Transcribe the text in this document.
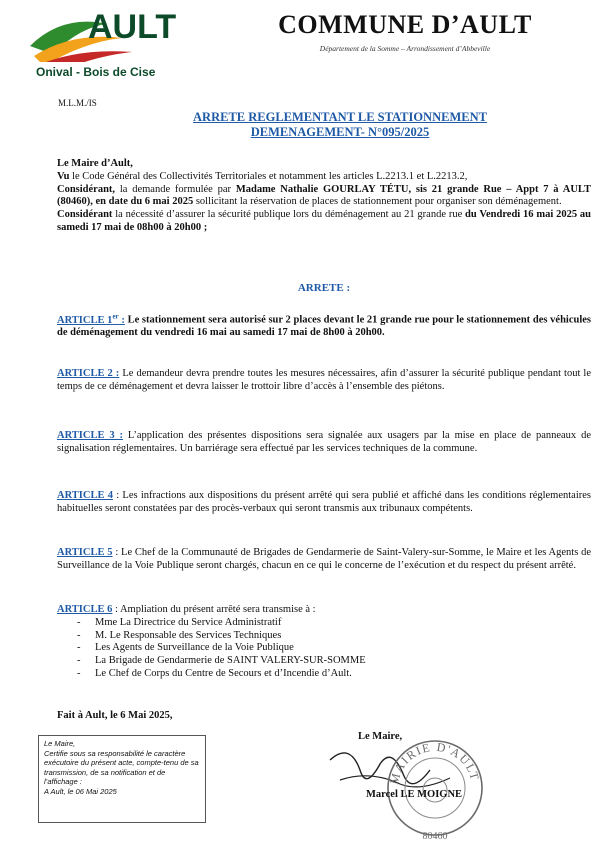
AULT
Onival - Bois de Cise
COMMUNE D’AULT
Département de la Somme – Arrondissement d’Abbeville
M.L.M./IS
ARRETE REGLEMENTANT LE STATIONNEMENT
DEMENAGEMENT- N°095/2025
Le Maire d’Ault,
Vu le Code Général des Collectivités Territoriales et notamment les articles L.2213.1 et L.2213.2,
Considérant, la demande formulée par Madame Nathalie GOURLAY TÉTU, sis 21 grande Rue – Appt 7 à AULT (80460), en date du 6 mai 2025 sollicitant la réservation de places de stationnement pour organiser son déménagement.
Considérant la nécessité d’assurer la sécurité publique lors du déménagement au 21 grande rue du Vendredi 16 mai 2025 au samedi 17 mai de 08h00 à 20h00 ;
ARRETE :
ARTICLE 1er : Le stationnement sera autorisé sur 2 places devant le 21 grande rue pour le stationnement des véhicules de déménagement du vendredi 16 mai au samedi 17 mai de 8h00 à 20h00.
ARTICLE 2 : Le demandeur devra prendre toutes les mesures nécessaires, afin d’assurer la sécurité publique pendant tout le temps de ce déménagement et devra laisser le trottoir libre d’accès à l’ensemble des piétons.
ARTICLE 3 : L’application des présentes dispositions sera signalée aux usagers par la mise en place de panneaux de signalisation réglementaires. Un barriérage sera effectué par les services techniques de la commune.
ARTICLE 4 : Les infractions aux dispositions du présent arrêté qui sera publié et affiché dans les conditions réglementaires habituelles seront constatées par des procès-verbaux qui seront transmis aux tribunaux compétents.
ARTICLE 5 : Le Chef de la Communauté de Brigades de Gendarmerie de Saint-Valery-sur-Somme, le Maire et les Agents de Surveillance de la Voie Publique seront chargés, chacun en ce qui le concerne de l’exécution et du respect du présent arrêté.
ARTICLE 6 : Ampliation du présent arrêté sera transmise à :
- Mme La Directrice du Service Administratif
- M. Le Responsable des Services Techniques
- Les Agents de Surveillance de la Voie Publique
- La Brigade de Gendarmerie de SAINT VALERY-SUR-SOMME
- Le Chef de Corps du Centre de Secours et d’Incendie d’Ault.
Fait à Ault, le 6 Mai 2025,
Le Maire,
Certifie sous sa responsabilité le caractère exécutoire du présent acte, compte-tenu de sa transmission, de sa notification et de l’affichage :
A Ault, le 06 Mai 2025
MAIRIE D'AULT
80460
Le Maire,
Marcel LE MOIGNE
